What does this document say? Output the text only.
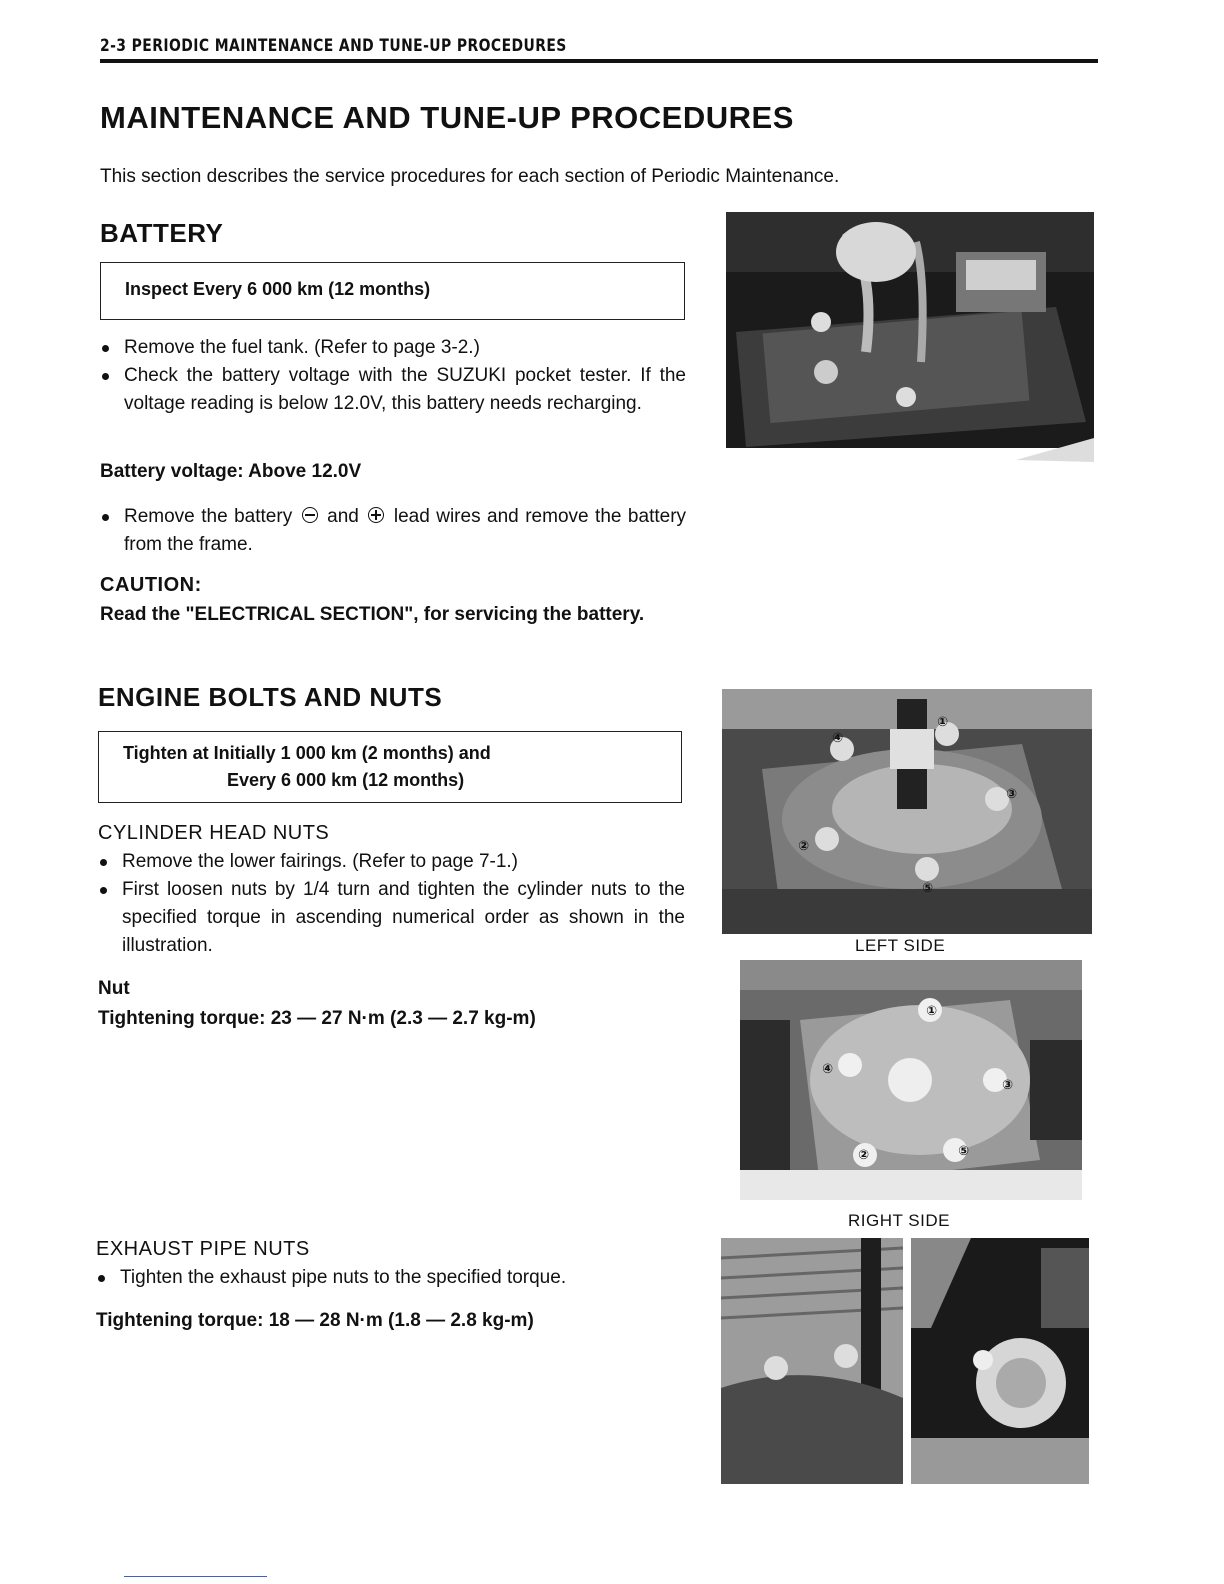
2-3 PERIODIC MAINTENANCE AND TUNE-UP PROCEDURES
MAINTENANCE AND TUNE-UP PROCEDURES
This section describes the service procedures for each section of Periodic Maintenance.
BATTERY
Inspect Every 6 000 km (12 months)
Remove the fuel tank. (Refer to page 3-2.)
Check the battery voltage with the SUZUKI pocket tester. If the voltage reading is below 12.0V, this battery needs recharging.
Battery voltage: Above 12.0V
Remove the battery and lead wires and remove the battery from the frame.
CAUTION:
Read the "ELECTRICAL SECTION", for servicing the battery.
ENGINE BOLTS AND NUTS
Tighten at Initially 1 000 km (2 months) and
Every 6 000 km (12 months)
CYLINDER HEAD NUTS
Remove the lower fairings. (Refer to page 7-1.)
First loosen nuts by 1/4 turn and tighten the cylinder nuts to the specified torque in ascending numerical order as shown in the illustration.
Nut
Tightening torque: 23 — 27 N·m (2.3 — 2.7 kg-m)
EXHAUST PIPE NUTS
Tighten the exhaust pipe nuts to the specified torque.
Tightening torque: 18 — 28 N·m (1.8 — 2.8 kg-m)
①
④
③
②
⑤
LEFT SIDE
①
④
③
②	⑤
RIGHT SIDE
